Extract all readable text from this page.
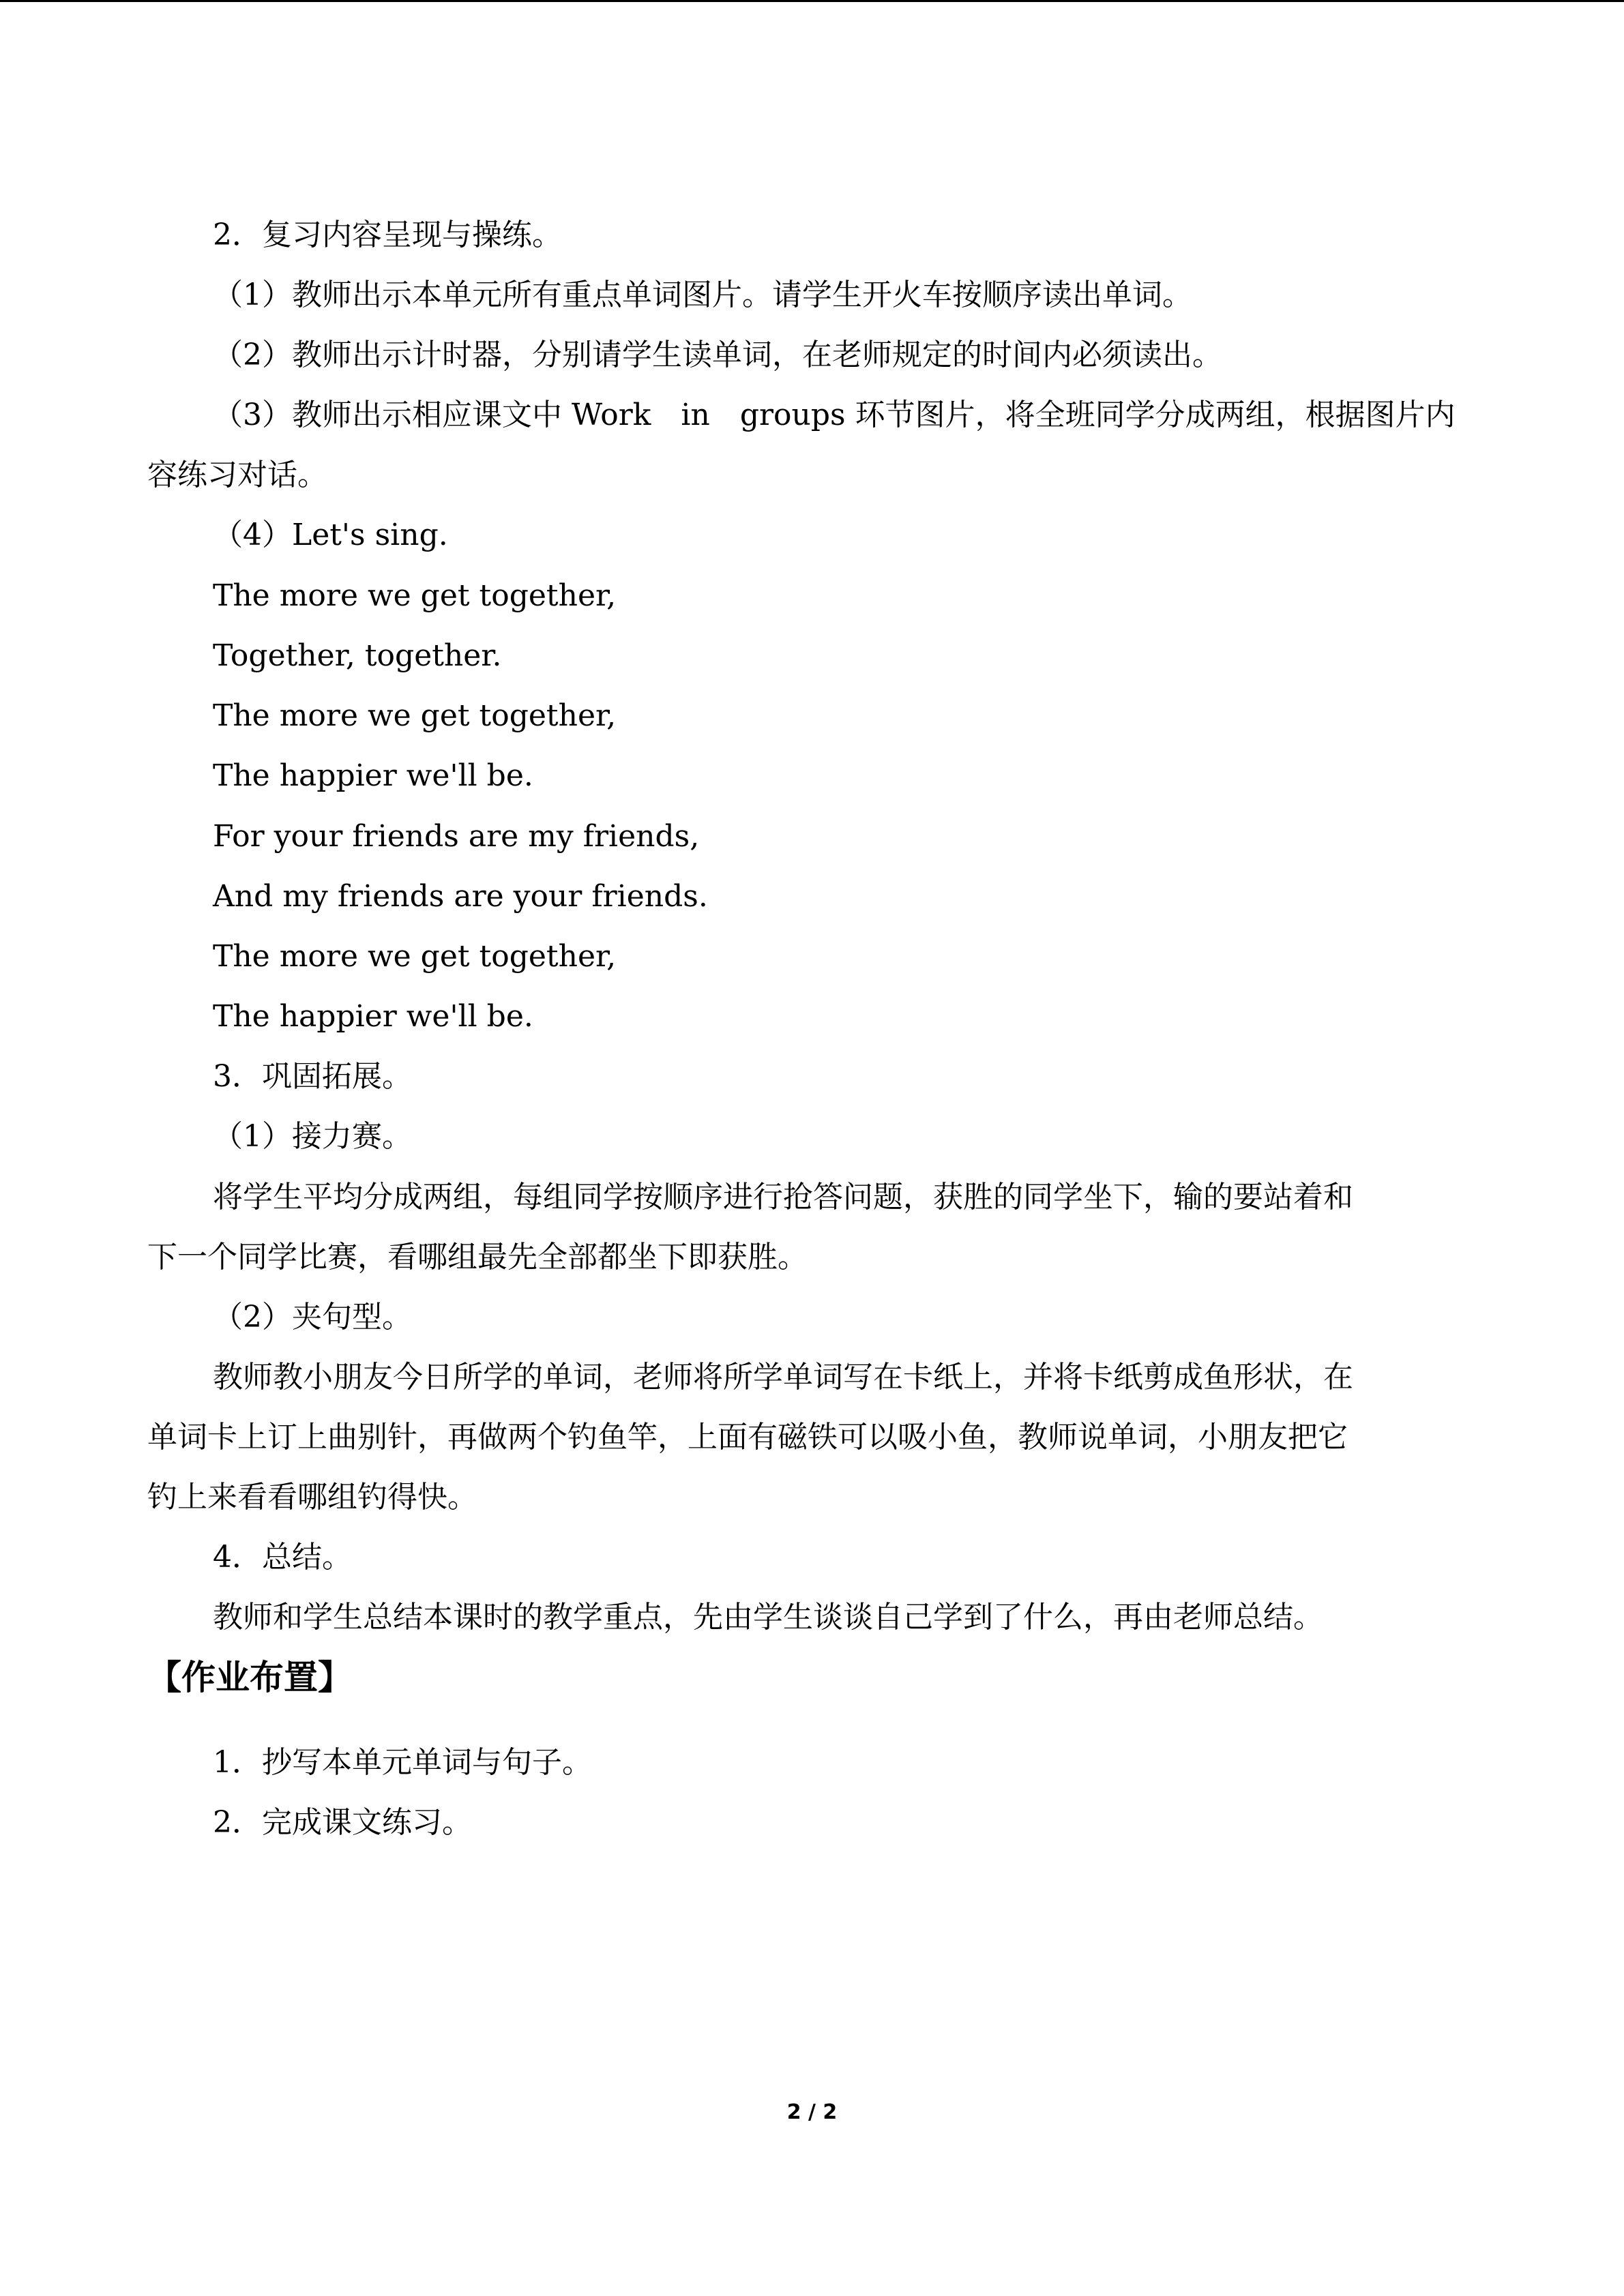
2．复习内容呈现与操练。

（1）教师出示本单元所有重点单词图片。请学生开火车按顺序读出单词。

（2）教师出示计时器，分别请学生读单词，在老师规定的时间内必须读出。

（3）教师出示相应课文中 Work　in　groups 环节图片，将全班同学分成两组，根据图片内

容练习对话。

（4）Let's sing.

The more we get together,

Together, together.

The more we get together,

The happier we'll be.

For your friends are my friends,

And my friends are your friends.

The more we get together,

The happier we'll be.

3．巩固拓展。

（1）接力赛。

将学生平均分成两组，每组同学按顺序进行抢答问题，获胜的同学坐下，输的要站着和

下一个同学比赛，看哪组最先全部都坐下即获胜。

（2）夹句型。

教师教小朋友今日所学的单词，老师将所学单词写在卡纸上，并将卡纸剪成鱼形状，在

单词卡上订上曲别针，再做两个钓鱼竿，上面有磁铁可以吸小鱼，教师说单词，小朋友把它

钓上来看看哪组钓得快。

4．总结。

教师和学生总结本课时的教学重点，先由学生谈谈自己学到了什么，再由老师总结。

【作业布置】

1．抄写本单元单词与句子。

2．完成课文练习。

2 / 2
